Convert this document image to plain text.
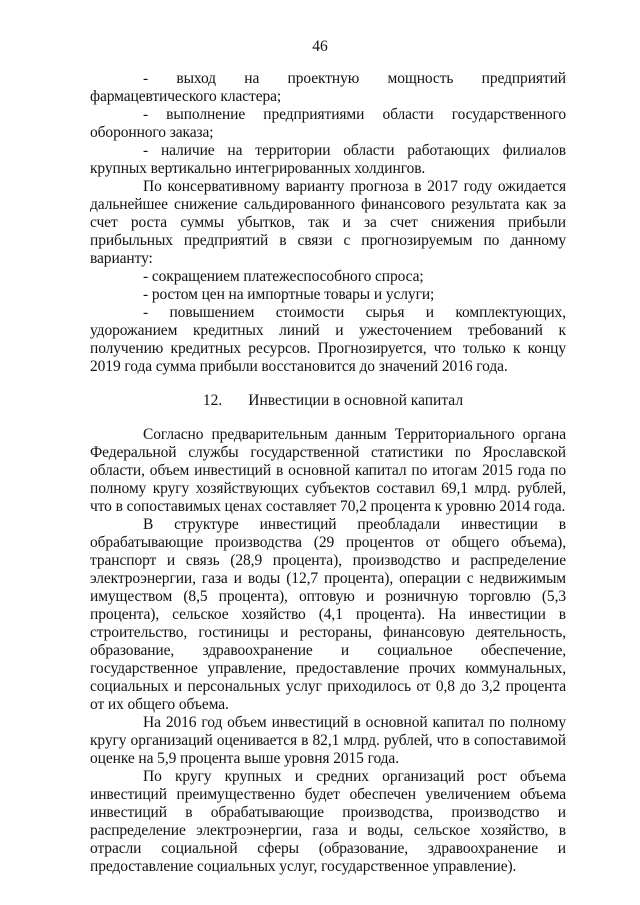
46

- выход на проектную мощность предприятий фармацевтического кластера;

- выполнение предприятиями области государственного оборонного заказа;

- наличие на территории области работающих филиалов крупных вертикально интегрированных холдингов.

По консервативному варианту прогноза в 2017 году ожидается дальнейшее снижение сальдированного финансового результата как за счет роста суммы убытков, так и за счет снижения прибыли прибыльных предприятий в связи с прогнозируемым по данному варианту:

- сокращением платежеспособного спроса;

- ростом цен на импортные товары и услуги;

- повышением стоимости сырья и комплектующих, удорожанием кредитных линий и ужесточением требований к получению кредитных ресурсов. Прогнозируется, что только к концу 2019 года сумма прибыли восстановится до значений 2016 года.

12. Инвестиции в основной капитал

Согласно предварительным данным Территориального органа Федеральной службы государственной статистики по Ярославской области, объем инвестиций в основной капитал по итогам 2015 года по полному кругу хозяйствующих субъектов составил 69,1 млрд. рублей, что в сопоставимых ценах составляет 70,2 процента к уровню 2014 года.

В структуре инвестиций преобладали инвестиции в обрабатывающие производства (29 процентов от общего объема), транспорт и связь (28,9 процента), производство и распределение электроэнергии, газа и воды (12,7 процента), операции с недвижимым имуществом (8,5 процента), оптовую и розничную торговлю (5,3 процента), сельское хозяйство (4,1 процента). На инвестиции в строительство, гостиницы и рестораны, финансовую деятельность, образование, здравоохранение и социальное обеспечение, государственное управление, предоставление прочих коммунальных, социальных и персональных услуг приходилось от 0,8 до 3,2 процента от их общего объема.

На 2016 год объем инвестиций в основной капитал по полному кругу организаций оценивается в 82,1 млрд. рублей, что в сопоставимой оценке на 5,9 процента выше уровня 2015 года.

По кругу крупных и средних организаций рост объема инвестиций преимущественно будет обеспечен увеличением объема инвестиций в обрабатывающие производства, производство и распределение электроэнергии, газа и воды, сельское хозяйство, в отрасли социальной сферы (образование, здравоохранение и предоставление социальных услуг, государственное управление).
